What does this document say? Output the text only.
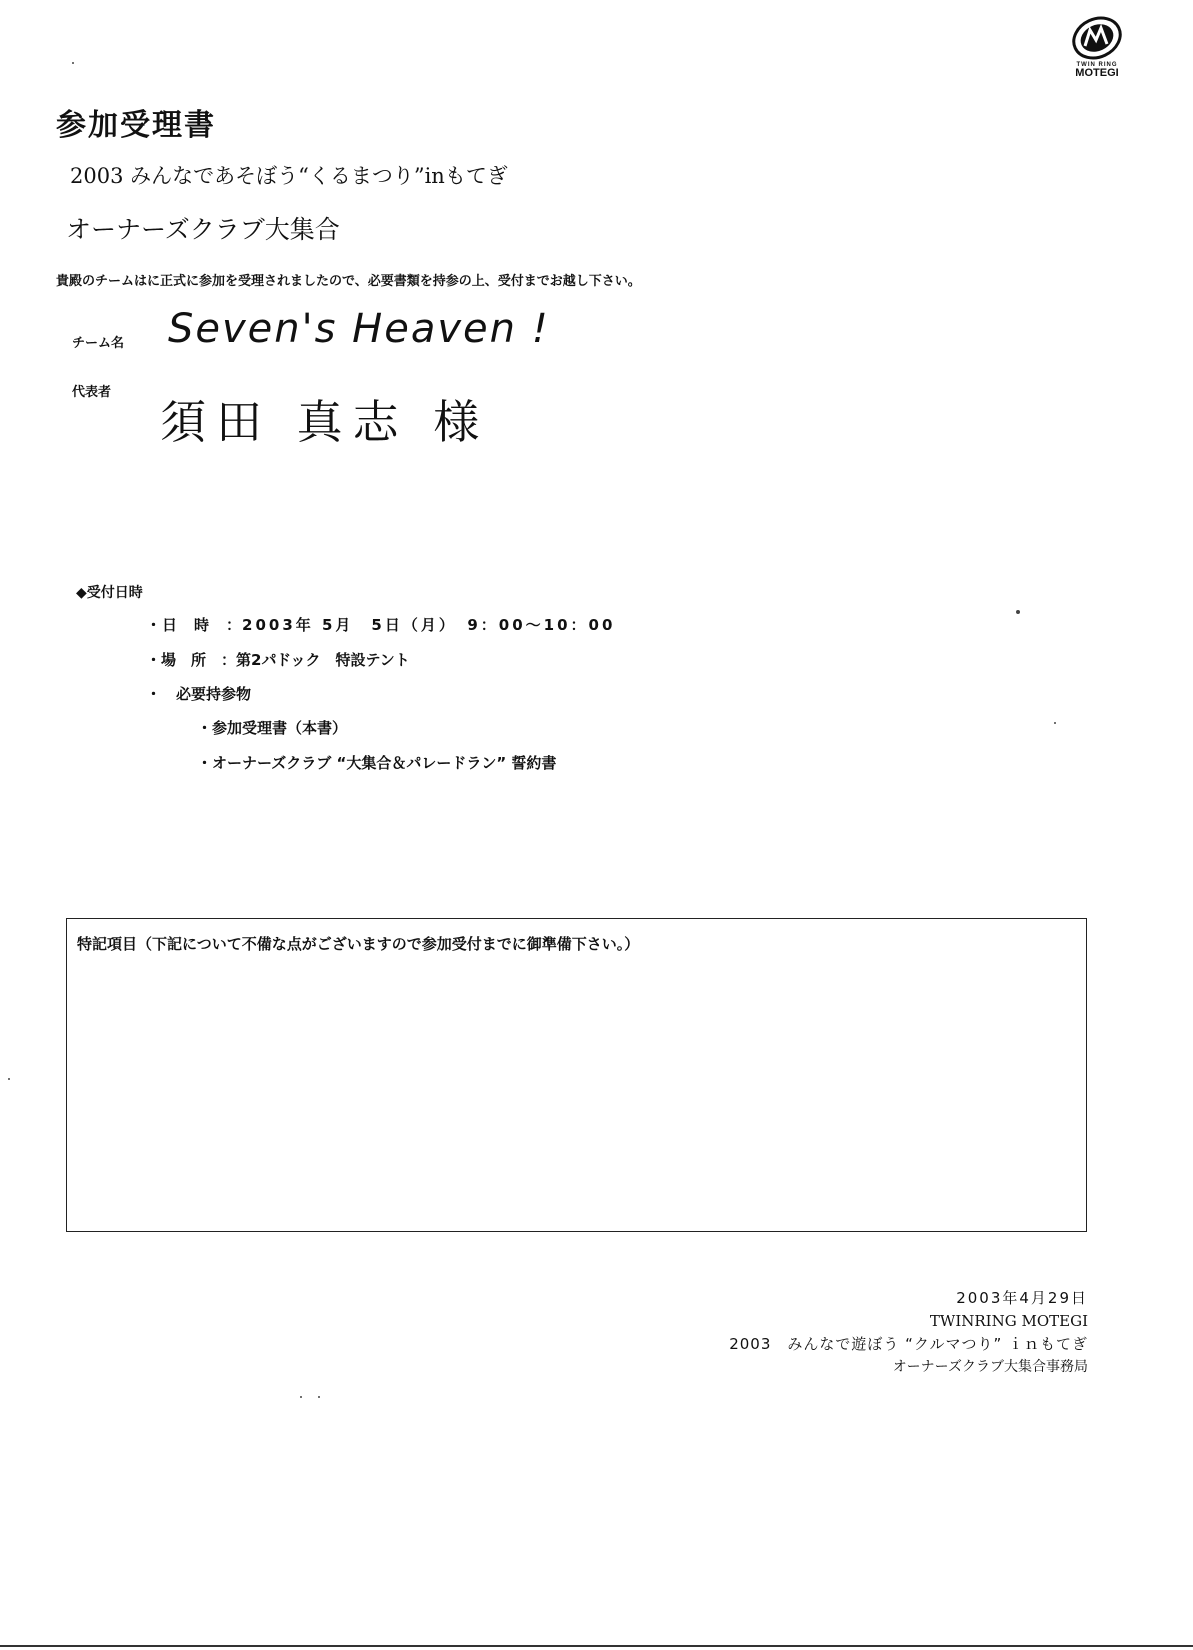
TWIN RING
MOTEGI
参加受理書
2003 みんなであそぼう“くるまつり”inもてぎ
オーナーズクラブ大集合
貴殿のチームはに正式に参加を受理されましたので、必要書類を持参の上、受付までお越し下さい。
チーム名 Seven's Heaven !
代表者
須田 真志 様
◆受付日時
・日　時　：2003年 5月　5日（月）　9：00〜10：00
・場　所　：第2パドック　特設テント
・　必要持参物
・参加受理書（本書）
・オーナーズクラブ “大集合＆パレードラン” 誓約書
特記項目（下記について不備な点がございますので参加受付までに御準備下さい。）
2003年4月29日
TWINRING MOTEGI
2003　みんなで遊ぼう “クルマつり” ｉｎもてぎ
オーナーズクラブ大集合事務局
